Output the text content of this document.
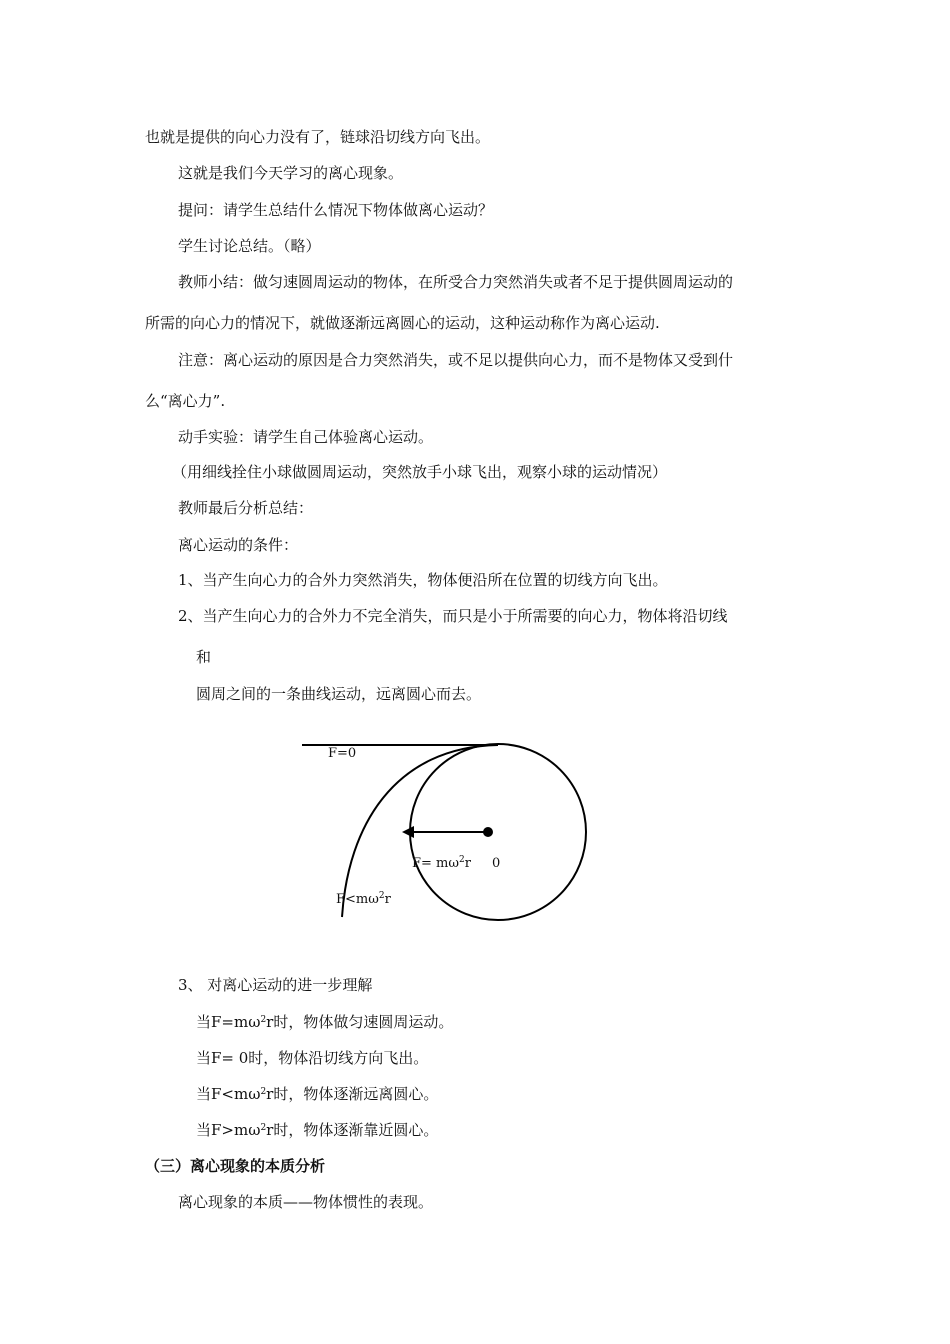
也就是提供的向心力没有了，链球沿切线方向飞出。
这就是我们今天学习的离心现象。
提问：请学生总结什么情况下物体做离心运动？
学生讨论总结。（略）
教师小结：做匀速圆周运动的物体，在所受合力突然消失或者不足于提供圆周运动的
所需的向心力的情况下，就做逐渐远离圆心的运动，这种运动称作为离心运动.
注意：离心运动的原因是合力突然消失，或不足以提供向心力，而不是物体又受到什
么“离心力”.
动手实验：请学生自己体验离心运动。
（用细线拴住小球做圆周运动，突然放手小球飞出，观察小球的运动情况）
教师最后分析总结：
离心运动的条件：
1、当产生向心力的合外力突然消失，物体便沿所在位置的切线方向飞出。
2、当产生向心力的合外力不完全消失，而只是小于所需要的向心力，物体将沿切线
和
圆周之间的一条曲线运动，远离圆心而去。
F=0
$F= m\omega^2r$ 0
$F<m\omega^2r$
3、 对离心运动的进一步理解
当$F=m\omega^2r$时，物体做匀速圆周运动。
当F= 0时，物体沿切线方向飞出。
当$F<m\omega^2r$时，物体逐渐远离圆心。
当$F>m\omega^2r$时，物体逐渐靠近圆心。
（三）离心现象的本质分析
离心现象的本质——物体惯性的表现。
